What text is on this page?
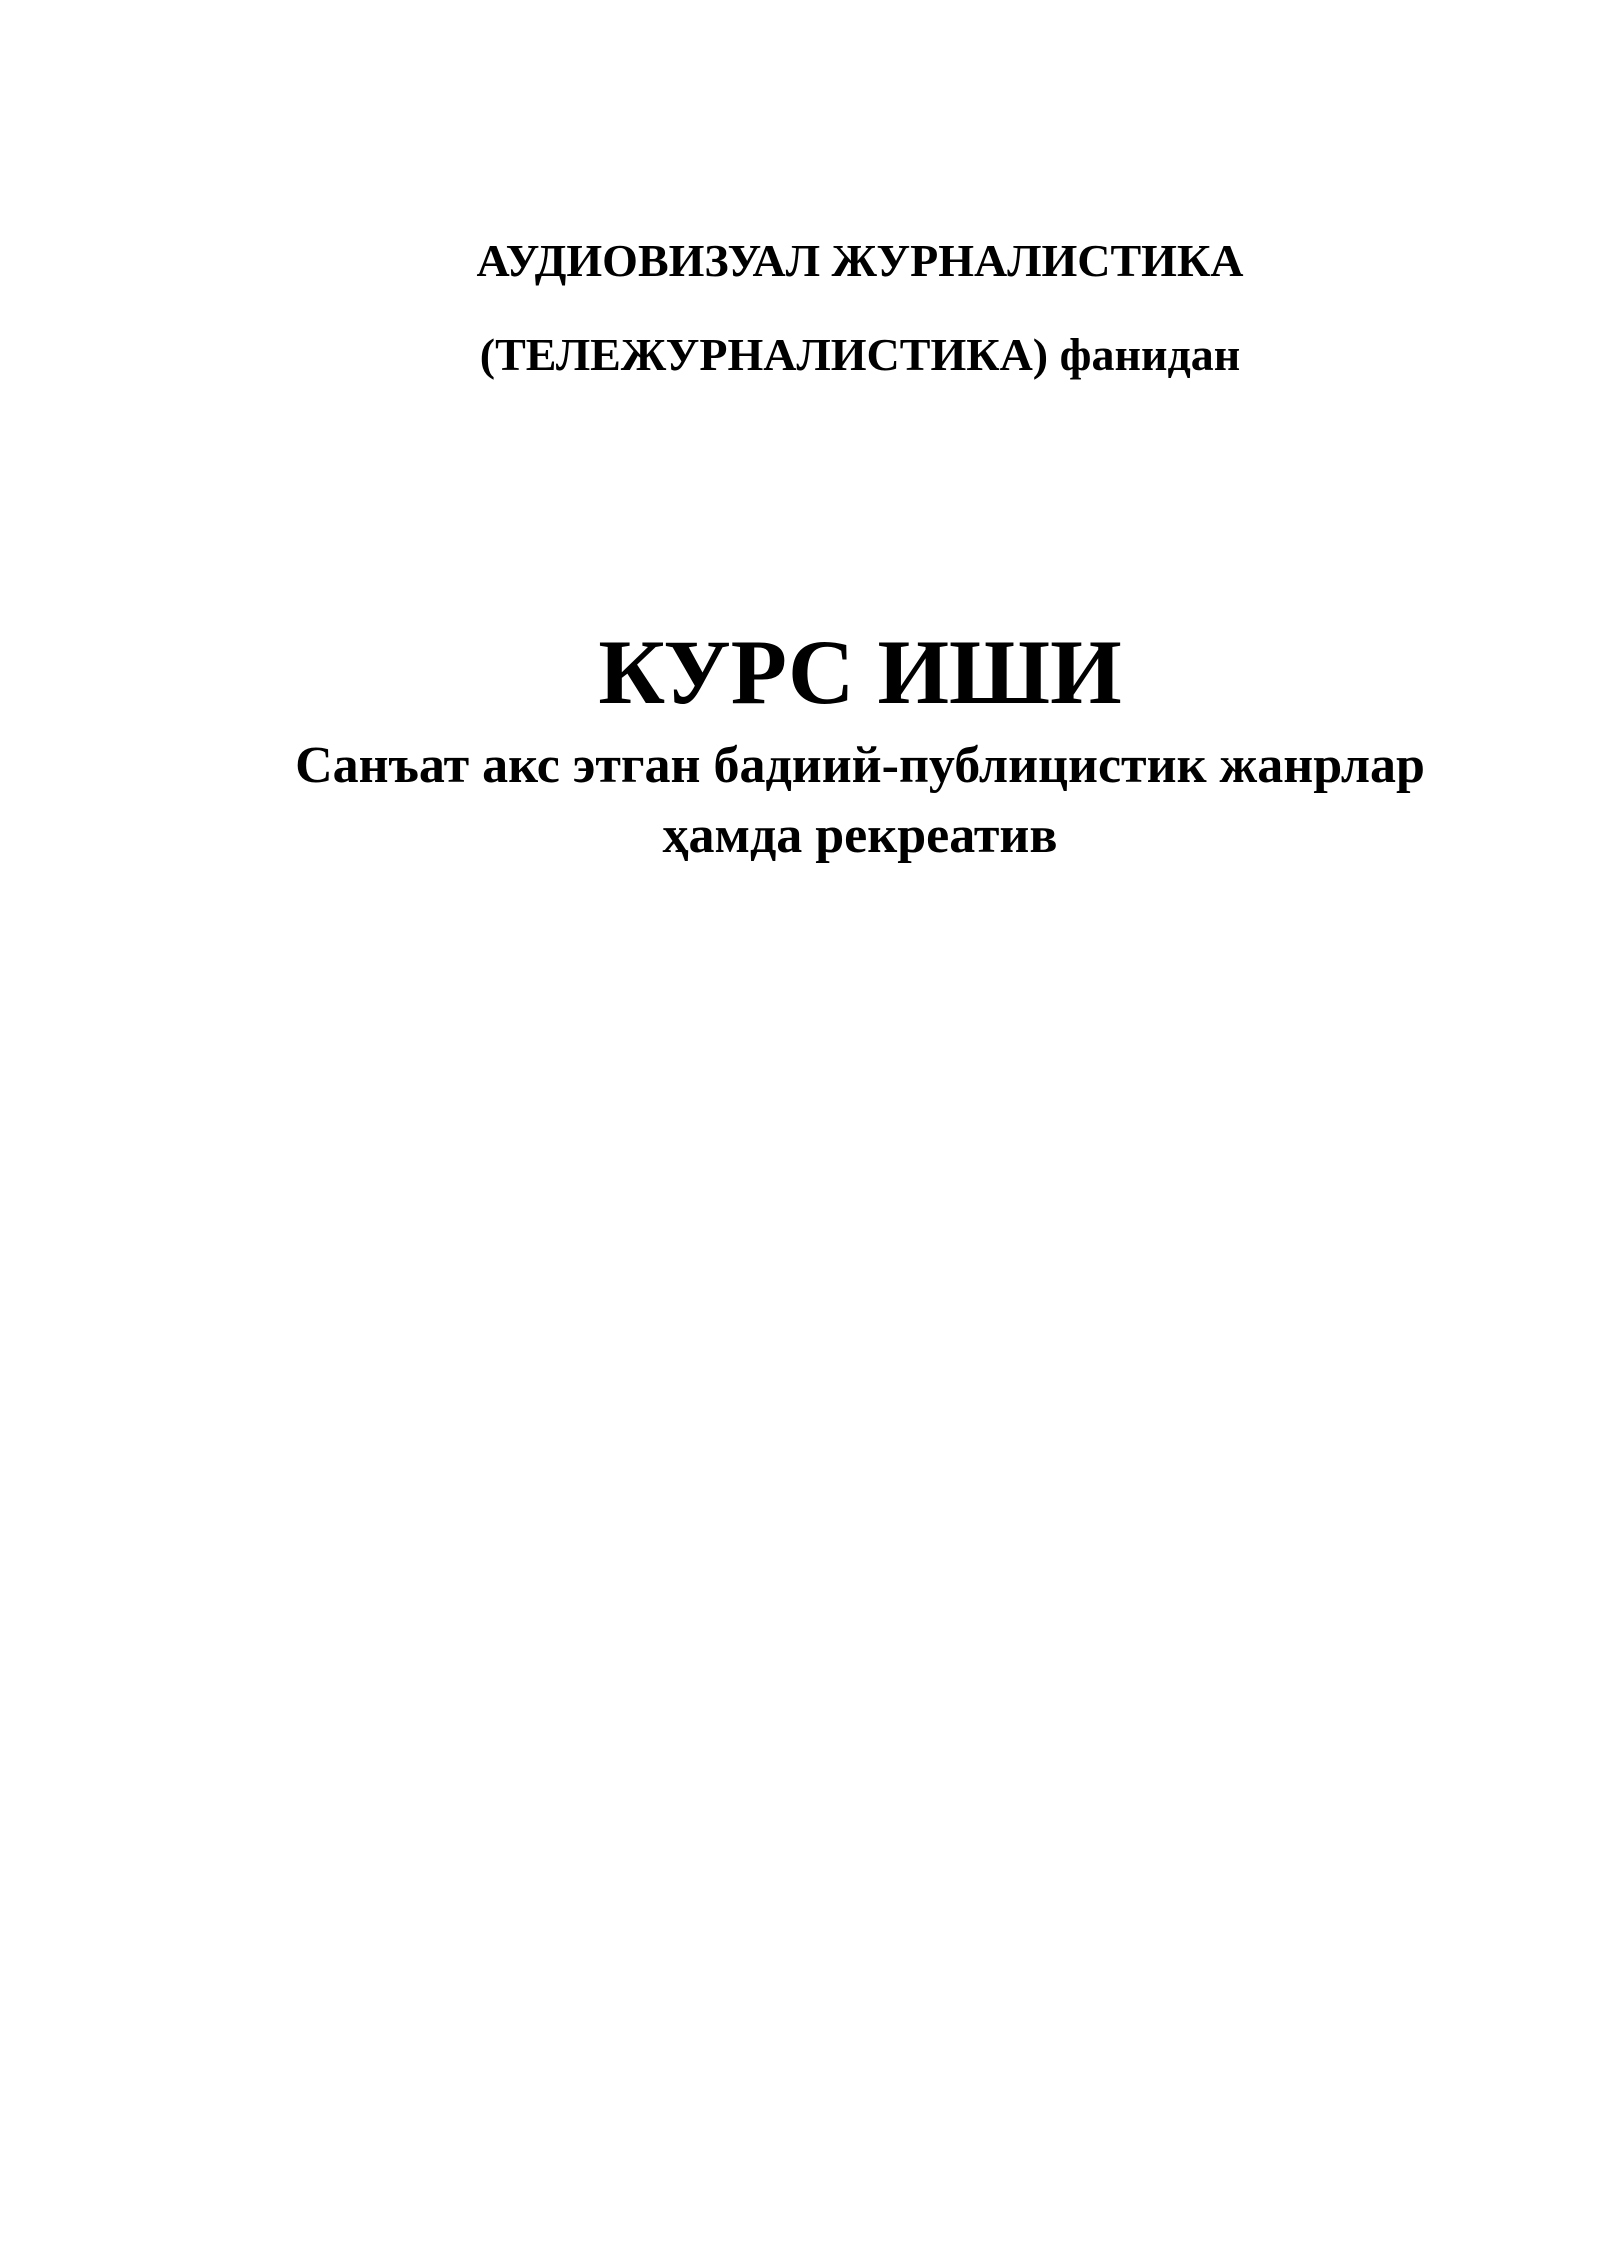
АУДИОВИЗУАЛ ЖУРНАЛИСТИКА
(ТЕЛЕЖУРНАЛИСТИКА) фанидан
КУРС ИШИ
Санъат акс этган бадиий-публицистик жанрлар
ҳамда рекреатив
